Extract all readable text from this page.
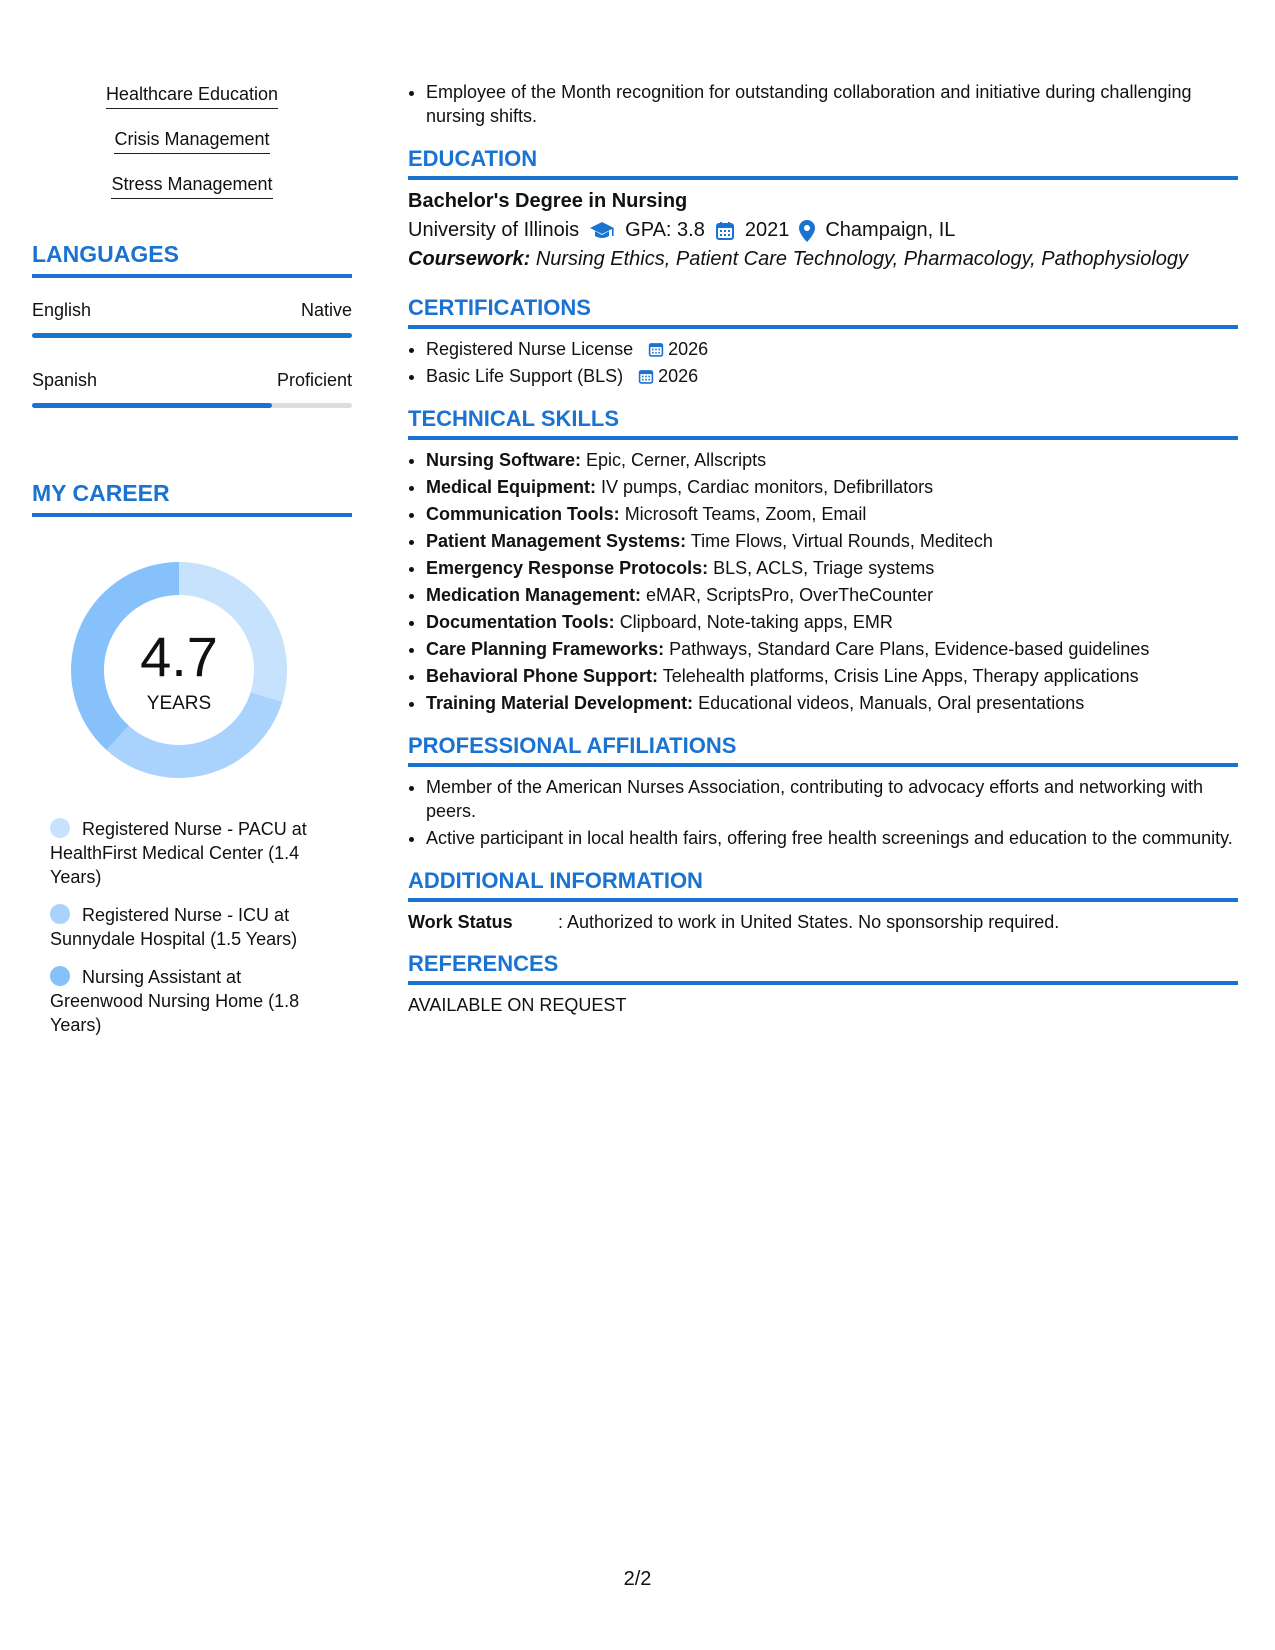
Healthcare Education
Crisis Management
Stress Management
LANGUAGES
English	Native
Spanish	Proficient
MY CAREER
4.7
YEARS
Registered Nurse - PACU at HealthFirst Medical Center (1.4 Years)
Registered Nurse - ICU at Sunnydale Hospital (1.5 Years)
Nursing Assistant at Greenwood Nursing Home (1.8 Years)
• Employee of the Month recognition for outstanding collaboration and initiative during challenging nursing shifts.
EDUCATION
Bachelor's Degree in Nursing
University of Illinois GPA: 3.8 2021 Champaign, IL
Coursework: Nursing Ethics, Patient Care Technology, Pharmacology, Pathophysiology
CERTIFICATIONS
• Registered Nurse License 2026
• Basic Life Support (BLS) 2026
TECHNICAL SKILLS
• Nursing Software: Epic, Cerner, Allscripts
• Medical Equipment: IV pumps, Cardiac monitors, Defibrillators
• Communication Tools: Microsoft Teams, Zoom, Email
• Patient Management Systems: Time Flows, Virtual Rounds, Meditech
• Emergency Response Protocols: BLS, ACLS, Triage systems
• Medication Management: eMAR, ScriptsPro, OverTheCounter
• Documentation Tools: Clipboard, Note-taking apps, EMR
• Care Planning Frameworks: Pathways, Standard Care Plans, Evidence-based guidelines
• Behavioral Phone Support: Telehealth platforms, Crisis Line Apps, Therapy applications
• Training Material Development: Educational videos, Manuals, Oral presentations
PROFESSIONAL AFFILIATIONS
• Member of the American Nurses Association, contributing to advocacy efforts and networking with peers.
• Active participant in local health fairs, offering free health screenings and education to the community.
ADDITIONAL INFORMATION
Work Status	: Authorized to work in United States. No sponsorship required.
REFERENCES
AVAILABLE ON REQUEST
2/2
